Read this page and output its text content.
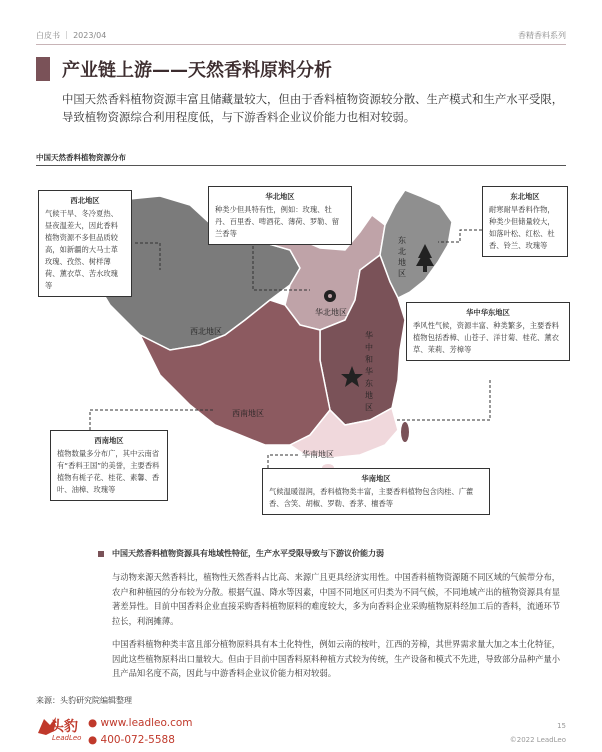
白皮书 ｜ 2023/04	香精香料系列
产业链上游——天然香料原料分析
中国天然香料植物资源丰富且储藏量较大，但由于香料植物资源较分散、生产模式和生产水平受限，导致植物资源综合利用程度低，与下游香料企业议价能力也相对较弱。
中国天然香料植物资源分布
西北地区
华北地区
东
北
地
区
华
中
和
华
东
地
区
西南地区
华南地区
西北地区
气候干旱、冬冷夏热、昼夜温差大，因此香料植物资源不多但品质较高，如新疆的大马士革玫瑰、孜然、树样薄荷、薰衣草、苦水玫瑰等
华北地区
种类少但具特有性，例如：玫瑰、牡丹、百里香、啤酒花、薄荷、罗勒、留兰香等
东北地区
耐寒耐旱香料作物，种类少但储量较大，如落叶松、红松、杜香、铃兰、玫瑰等
华中华东地区
季风性气候，资源丰富、种类繁多，主要香料植物包括香樟、山苍子、洋甘菊、桂花、薰衣草、茉莉、芳樟等
西南地区
植物数量多分布广，其中云南省有“香料王国”的美誉，主要香料植物有栀子花、桂花、素馨、香叶、油樟、玫瑰等
华南地区
气候温暖湿润，香料植物类丰富，主要香料植物包含肉桂、广藿香、含笑、胡椒、罗勒、香茅、檀香等
中国天然香料植物资源具有地域性特征，生产水平受限导致与下游议价能力弱
与动物来源天然香料比，植物性天然香料占比高、来源广且更具经济实用性。中国香料植物资源随不同区域的气候带分布，农户和种植园的分布较为分散。根据气温、降水等因素，中国不同地区可归类为不同气候，不同地域产出的植物资源具有显著差异性。目前中国香料企业直接采购香料植物原料的难度较大，多为向香料企业采购植物原料经加工后的香料，流通环节拉长，利润摊薄。
中国香料植物种类丰富且部分植物原料具有本土化特性，例如云南的桉叶，江西的芳樟，其世界需求量大加之本土化特征，因此这些植物原料出口量较大。但由于目前中国香料原料种植方式较为传统，生产设备和模式不先进，导致部分品种产量小且产品知名度不高，因此与中游香料企业议价能力相对较弱。
来源：头豹研究院编辑整理
头豹
LeadLeo
● www.leadleo.com
● 400-072-5588
15
©2022 LeadLeo
